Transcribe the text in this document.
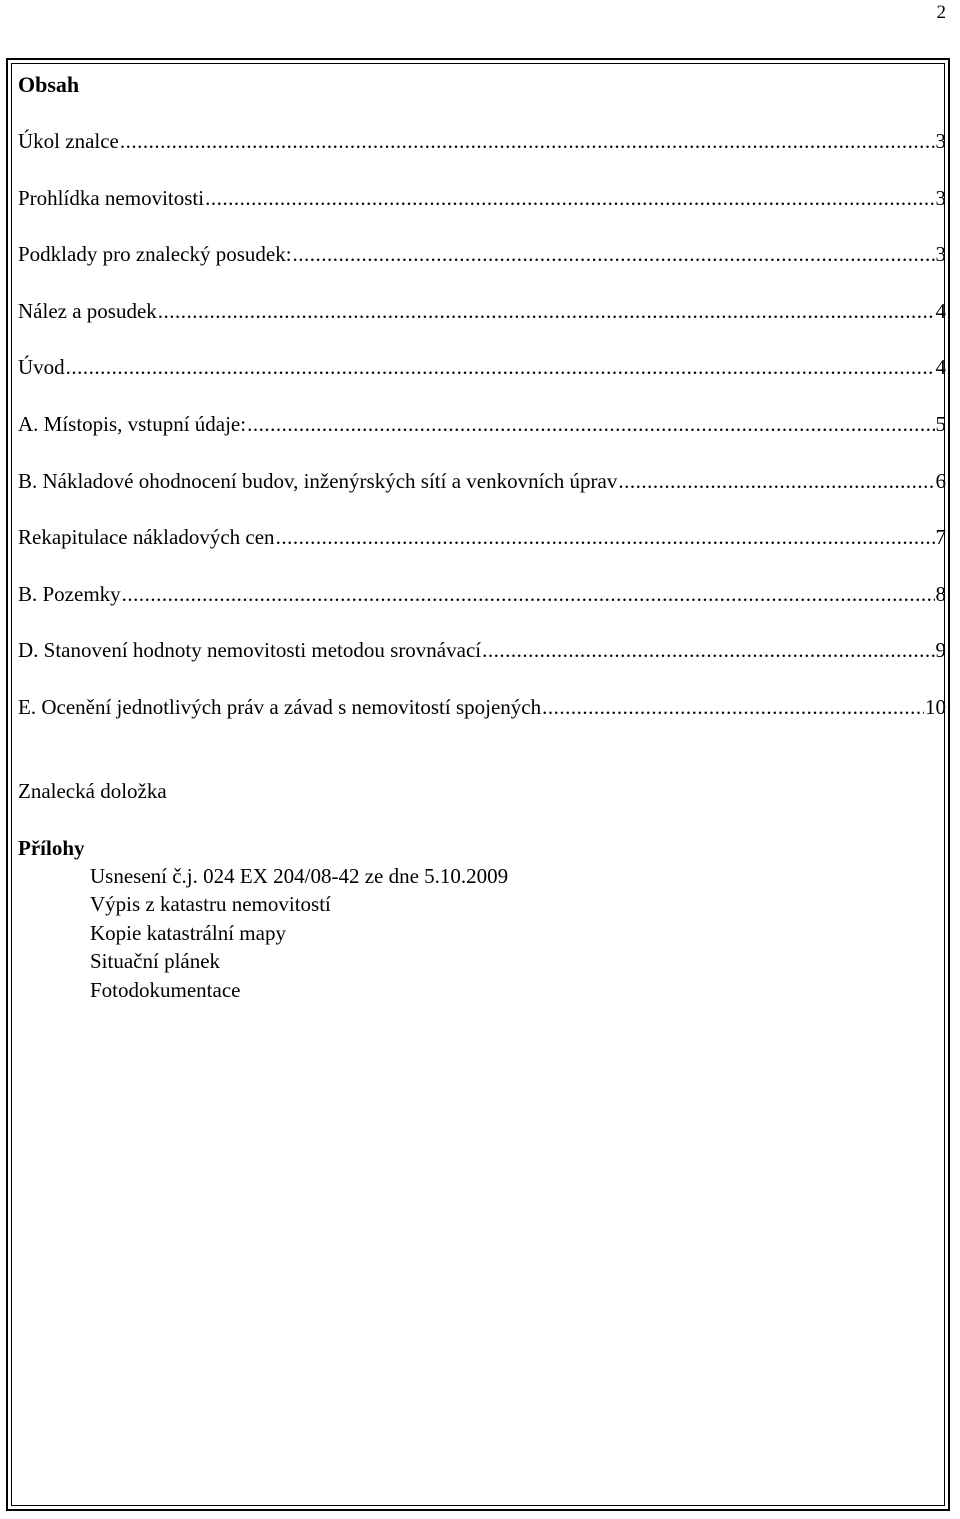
2
Obsah
Úkol znalce .....	3
Prohlídka nemovitosti .....	3
Podklady pro znalecký posudek: .....	3
Nález a posudek .....	4
Úvod .....	4
A. Místopis, vstupní údaje: .....	5
B. Nákladové ohodnocení budov, inženýrských sítí a venkovních úprav .....	6
Rekapitulace nákladových cen .....	7
B. Pozemky .....	8
D. Stanovení hodnoty nemovitosti metodou srovnávací .....	9
E. Ocenění jednotlivých práv a závad s nemovitostí spojených .....	10
Znalecká doložka
Přílohy
Usnesení č.j. 024 EX 204/08-42 ze dne 5.10.2009
Výpis z katastru nemovitostí
Kopie katastrální mapy
Situační plánek
Fotodokumentace
